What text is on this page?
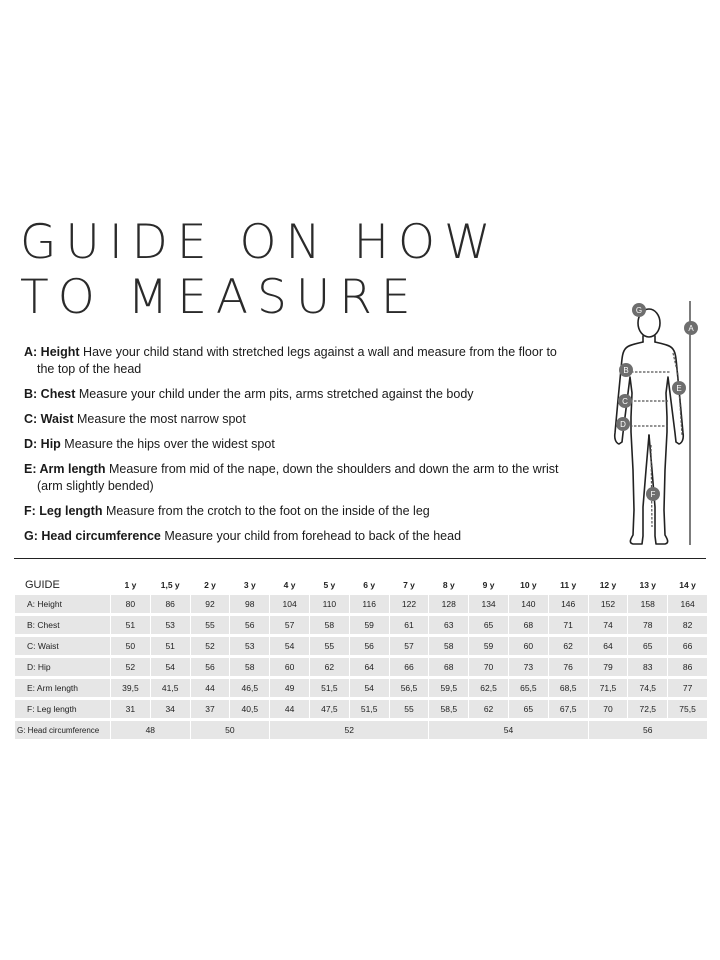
GUIDE ON HOW
TO MEASURE

A: Height Have your child stand with stretched legs against a wall and measure from the floor to the top of the head

B: Chest Measure your child under the arm pits, arms stretched against the body

C: Waist Measure the most narrow spot

D: Hip Measure the hips over the widest spot

E: Arm length Measure from mid of the nape, down the shoulders and down the arm to the wrist (arm slightly bended)

F: Leg length Measure from the crotch to the foot on the inside of the leg

G: Head circumference Measure your child from forehead to back of the head

G
A
B
E
C
D
F
GUIDE	1 y	1,5 y	2 y	3 y	4 y	5 y	6 y	7 y	8 y	9 y	10 y	11 y	12 y	13 y	14 y
A: Height	80	86	92	98	104	110	116	122	128	134	140	146	152	158	164
B: Chest	51	53	55	56	57	58	59	61	63	65	68	71	74	78	82
C: Waist	50	51	52	53	54	55	56	57	58	59	60	62	64	65	66
D: Hip	52	54	56	58	60	62	64	66	68	70	73	76	79	83	86
E: Arm length	39,5	41,5	44	46,5	49	51,5	54	56,5	59,5	62,5	65,5	68,5	71,5	74,5	77
F: Leg length	31	34	37	40,5	44	47,5	51,5	55	58,5	62	65	67,5	70	72,5	75,5
G: Head circumference	48		50		52				54				56		
